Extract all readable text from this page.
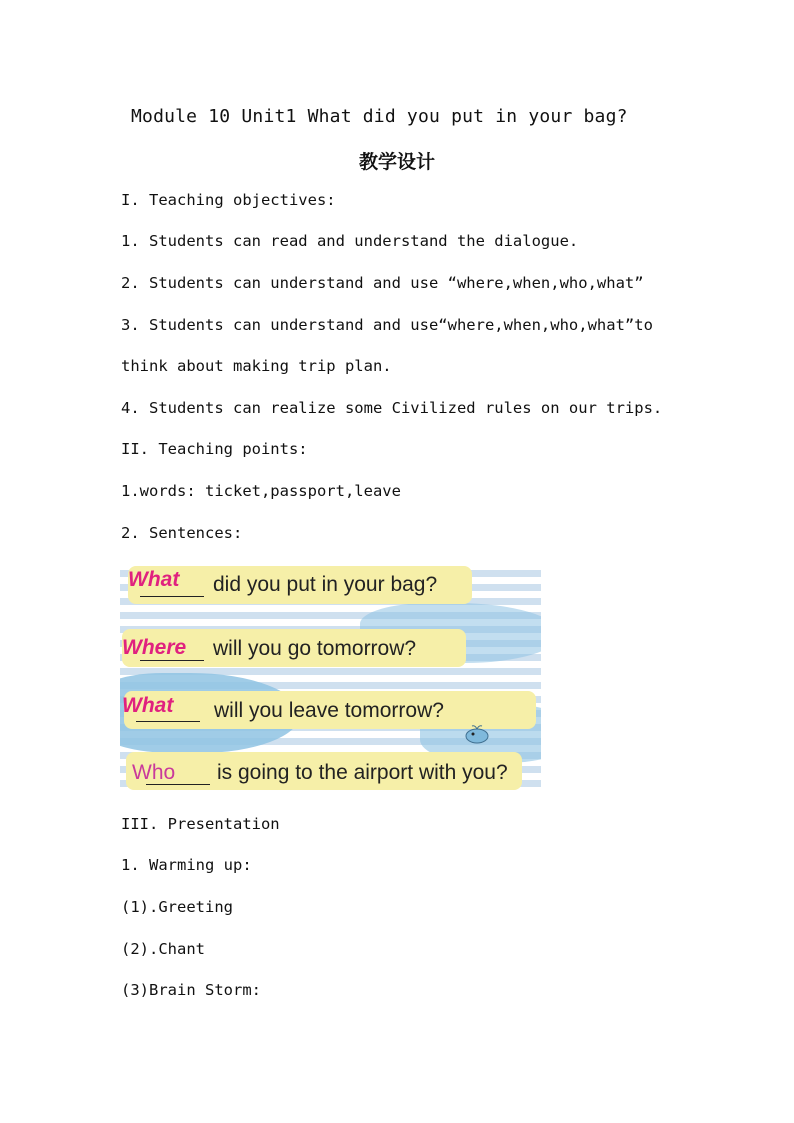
Module 10 Unit1 What did you put in your bag?
教学设计
I. Teaching objectives:
1. Students can read and understand the dialogue.
2. Students can understand and use “where,when,who,what”
3. Students can understand and use“where,when,who,what”to think about making trip plan.
4. Students can realize some Civilized rules on our trips.
II. Teaching points:
1.words: ticket,passport,leave
2. Sentences:
What did you put in your bag?
Where will you go tomorrow?
What will you leave tomorrow?
Who is going to the airport with you?
III. Presentation
1. Warming up:
(1).Greeting
(2).Chant
(3)Brain Storm:
